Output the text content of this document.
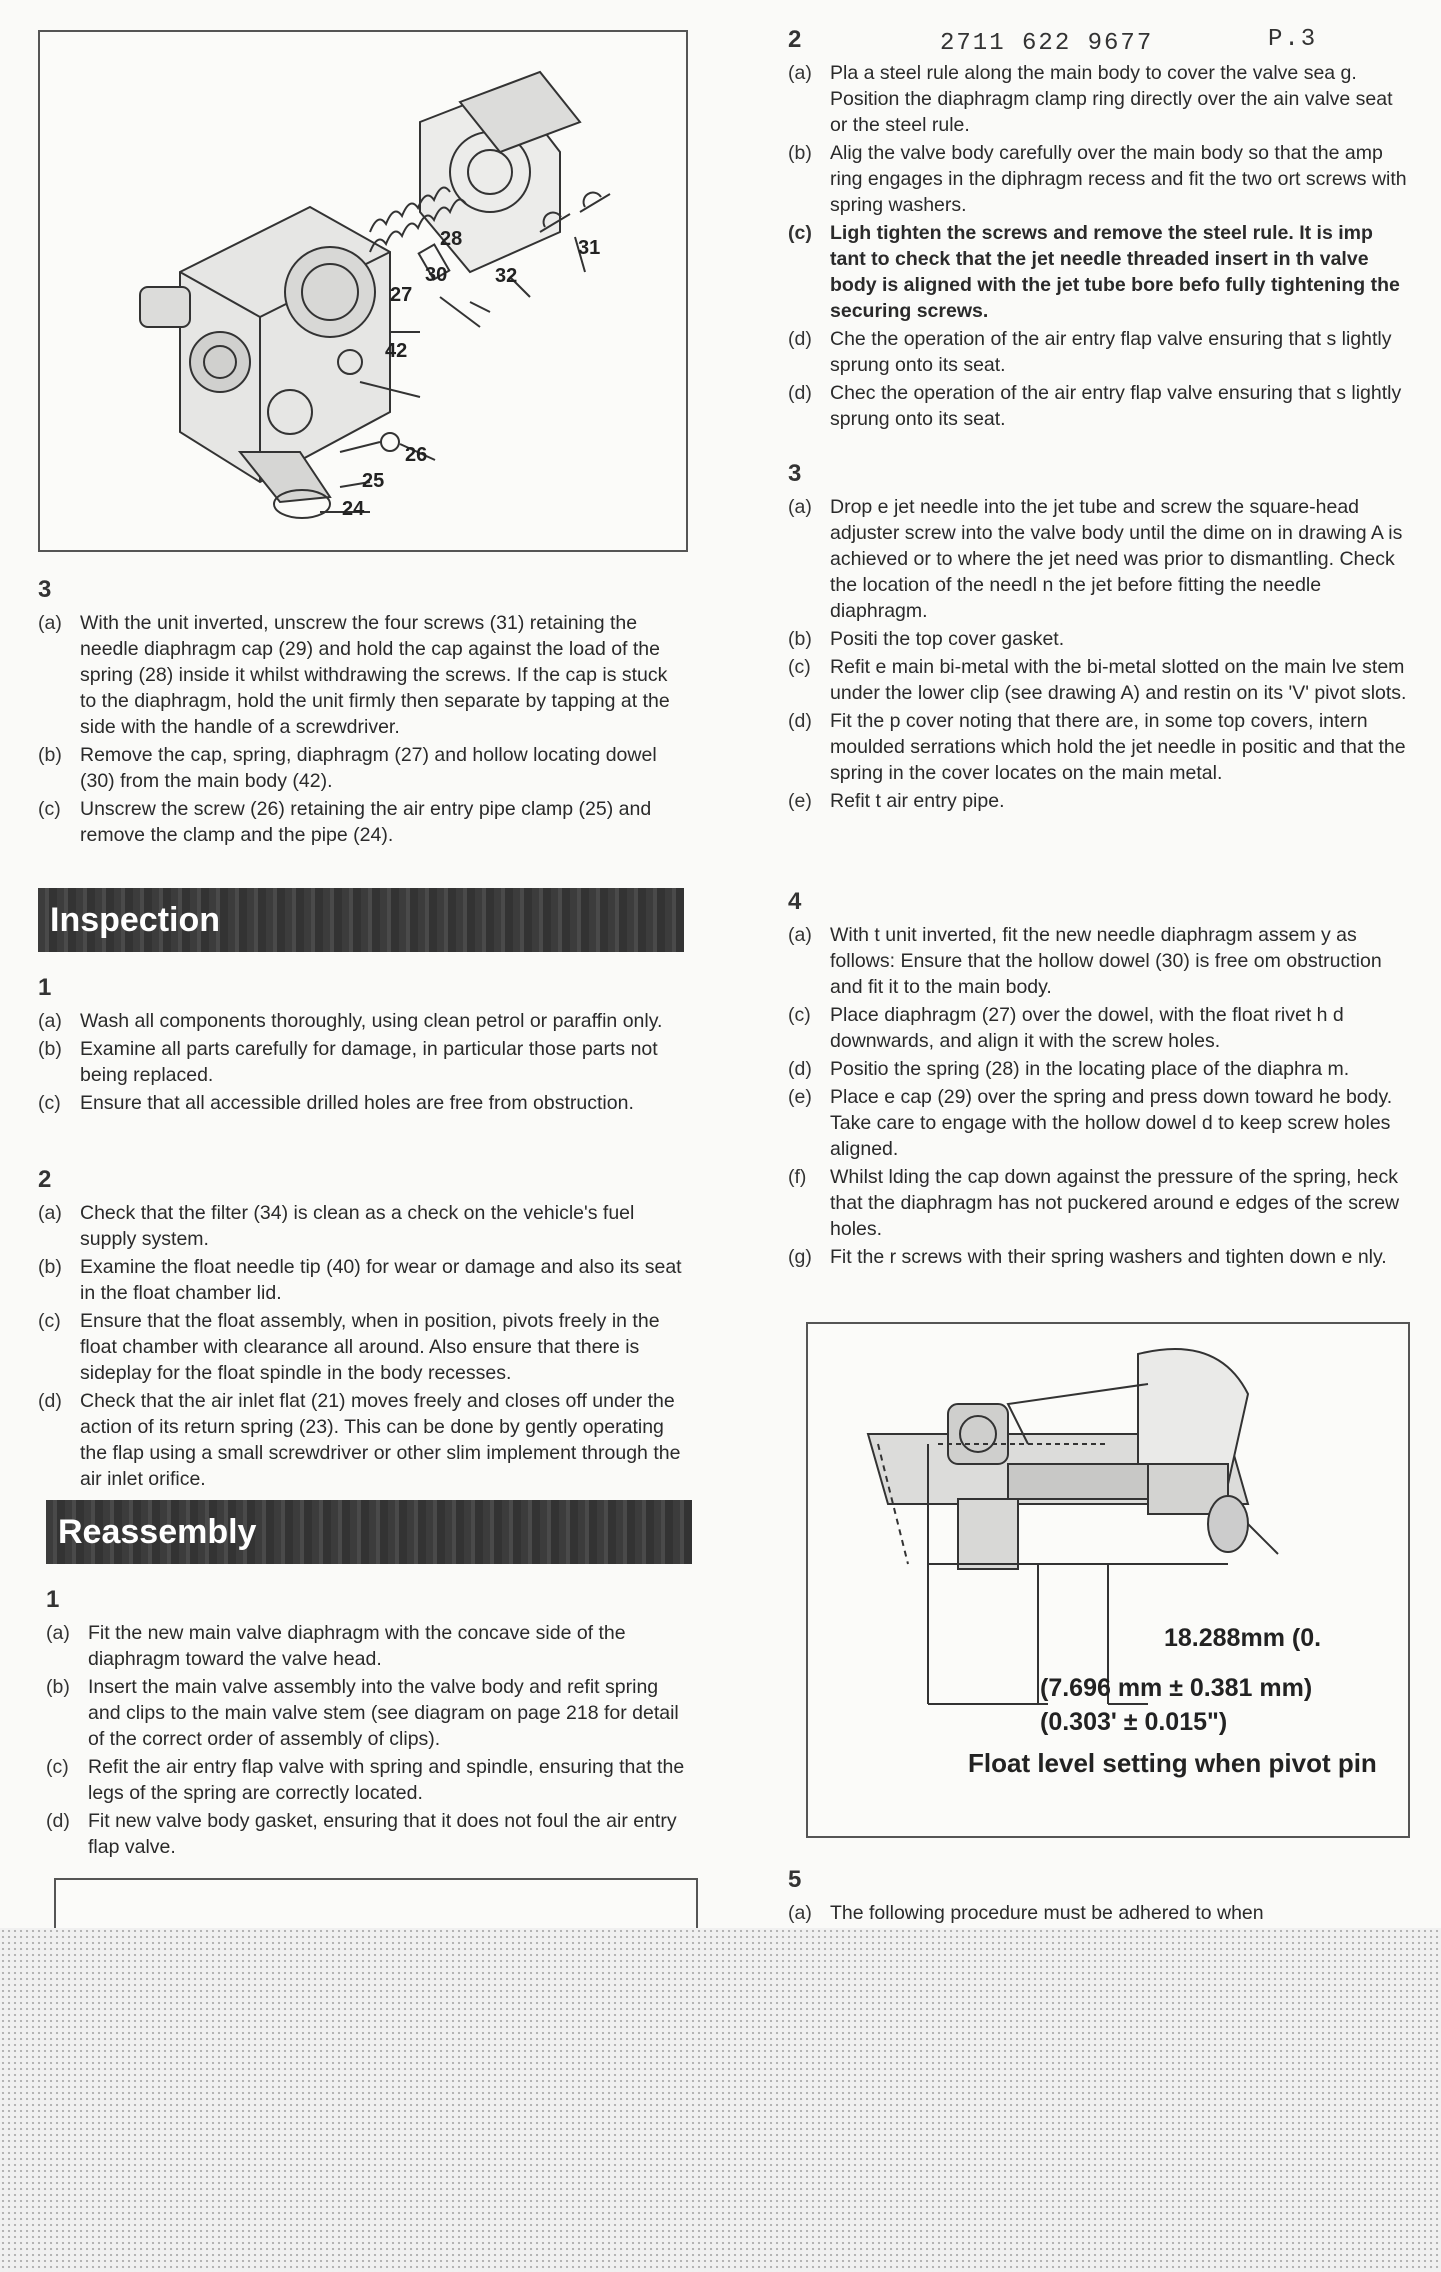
2711 622 9677	P.3
28	31
30 32
27
42
26
25
24
3
(a) With the unit inverted, unscrew the four screws (31) retaining the needle diaphragm cap (29) and hold the cap against the load of the spring (28) inside it whilst withdrawing the screws. If the cap is stuck to the diaphragm, hold the unit firmly then separate by tapping at the side with the handle of a screwdriver.
(b) Remove the cap, spring, diaphragm (27) and hollow locating dowel (30) from the main body (42).
(c) Unscrew the screw (26) retaining the air entry pipe clamp (25) and remove the clamp and the pipe (24).
Inspection
1
(a) Wash all components thoroughly, using clean petrol or paraffin only.
(b) Examine all parts carefully for damage, in particular those parts not being replaced.
(c) Ensure that all accessible drilled holes are free from obstruction.
2
(a) Check that the filter (34) is clean as a check on the vehicle's fuel supply system.
(b) Examine the float needle tip (40) for wear or damage and also its seat in the float chamber lid.
(c) Ensure that the float assembly, when in position, pivots freely in the float chamber with clearance all around. Also ensure that there is sideplay for the float spindle in the body recesses.
(d) Check that the air inlet flat (21) moves freely and closes off under the action of its return spring (23). This can be done by gently operating the flap using a small screwdriver or other slim implement through the air inlet orifice.
Reassembly
1
(a) Fit the new main valve diaphragm with the concave side of the diaphragm toward the valve head.
(b) Insert the main valve assembly into the valve body and refit spring and clips to the main valve stem (see diagram on page 218 for detail of the correct order of assembly of clips).
(c) Refit the air entry flap valve with spring and spindle, ensuring that the legs of the spring are correctly located.
(d) Fit new valve body gasket, ensuring that it does not foul the air entry flap valve.
2
(a) Pla a steel rule along the main body to cover the valve sea g. Position the diaphragm clamp ring directly over the ain valve seat or the steel rule.
(b) Alig the valve body carefully over the main body so that the amp ring engages in the diphragm recess and fit the two ort screws with spring washers.
(c) Ligh tighten the screws and remove the steel rule. It is imp tant to check that the jet needle threaded insert in th valve body is aligned with the jet tube bore befo fully tightening the securing screws.
(d) Che the operation of the air entry flap valve ensuring that s lightly sprung onto its seat.
(d) Chec the operation of the air entry flap valve ensuring that s lightly sprung onto its seat.
3
(a) Drop e jet needle into the jet tube and screw the square-head adjuster screw into the valve body until the dime on in drawing A is achieved or to where the jet need was prior to dismantling. Check the location of the needl n the jet before fitting the needle diaphragm.
(b) Positi the top cover gasket.
(c) Refit e main bi-metal with the bi-metal slotted on the main lve stem under the lower clip (see drawing A) and restin on its 'V' pivot slots.
(d) Fit the p cover noting that there are, in some top covers, intern moulded serrations which hold the jet needle in positic and that the spring in the cover locates on the main metal.
(e) Refit t air entry pipe.
4
(a) With t unit inverted, fit the new needle diaphragm assem y as follows: Ensure that the hollow dowel (30) is free om obstruction and fit it to the main body.
(c) Place diaphragm (27) over the dowel, with the float rivet h d downwards, and align it with the screw holes.
(d) Positio the spring (28) in the locating place of the diaphra m.
(e) Place e cap (29) over the spring and press down toward he body. Take care to engage with the hollow dowel d to keep screw holes aligned.
(f)	Whilst lding the cap down against the pressure of the spring, heck that the diaphragm has not puckered around e edges of the screw holes.
(g) Fit the r screws with their spring washers and tighten down e nly.
18.288mm (0.
(7.696 mm ± 0.381 mm)
(0.303' ± 0.015")
Float level setting when pivot pin
5
(a) The following procedure must be adhered to when
